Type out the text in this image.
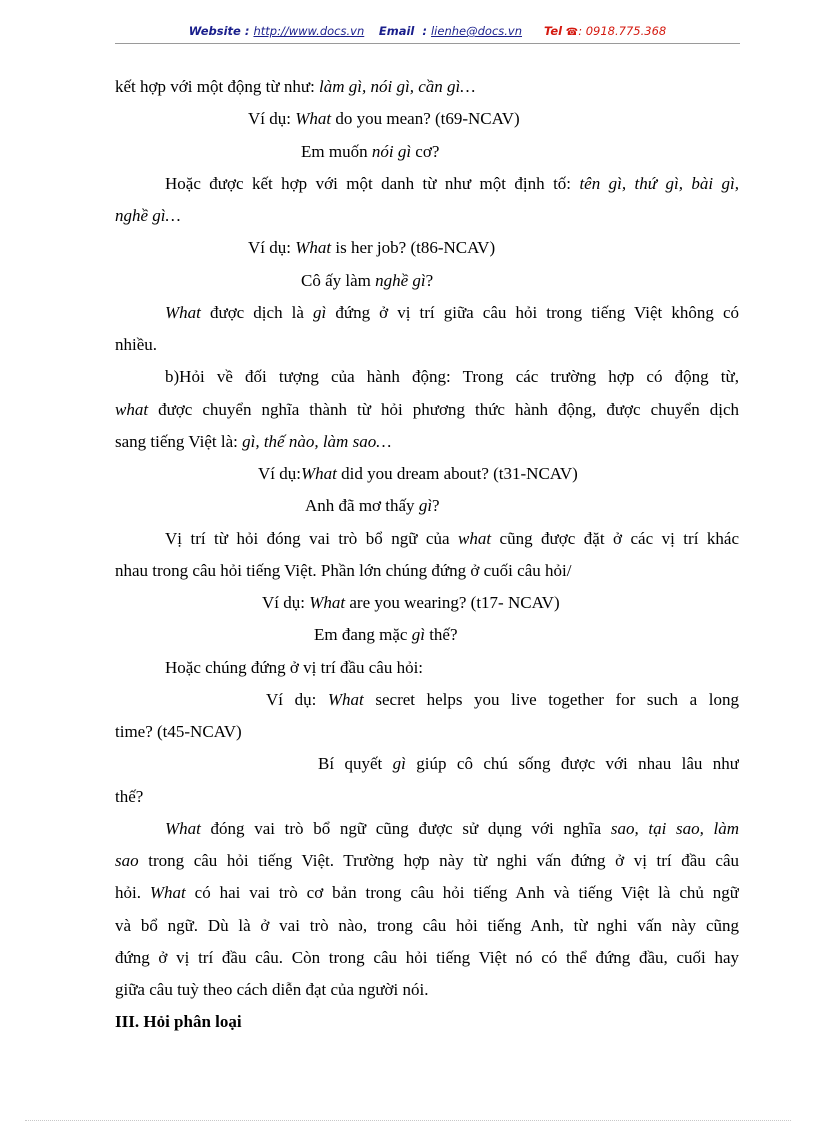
Website : http://www.docs.vn Email  : lienhe@docs.vn Tel ☎: 0918.775.368
kết hợp với một động từ như: làm gì, nói gì, cần gì…
Ví dụ: What do you mean? (t69-NCAV)
Em muốn nói gì cơ?
Hoặc được kết hợp với một danh từ như một định tố: tên gì, thứ gì, bài gì,
nghề gì…
Ví dụ: What is her job? (t86-NCAV)
Cô ấy làm nghề gì?
What được dịch là gì đứng ở vị trí giữa câu hỏi trong tiếng Việt không có
nhiều.
b)Hỏi về đối tượng của hành động: Trong các trường hợp có động từ,
what được chuyển nghĩa thành từ hỏi phương thức hành động, được chuyển dịch
sang tiếng Việt là: gì, thế nào, làm sao…
Ví dụ:What did you dream about? (t31-NCAV)
Anh đã mơ thấy gì?
Vị trí từ hỏi đóng vai trò bổ ngữ của what cũng được đặt ở các vị trí khác
nhau trong câu hỏi tiếng Việt. Phần lớn chúng đứng ở cuối câu hỏi/
Ví dụ: What are you wearing? (t17- NCAV)
Em đang mặc gì thế?
Hoặc chúng đứng ở vị trí đầu câu hỏi:
Ví dụ: What secret helps you live together for such a long
time? (t45-NCAV)
Bí quyết gì giúp cô chú sống được với nhau lâu như
thế?
What đóng vai trò bổ ngữ cũng được sử dụng với nghĩa sao, tại sao, làm
sao trong câu hỏi tiếng Việt. Trường hợp này từ nghi vấn đứng ở vị trí đầu câu
hỏi. What có hai vai trò cơ bản trong câu hỏi tiếng Anh và tiếng Việt là chủ ngữ
và bổ ngữ. Dù là ở vai trò nào, trong câu hỏi tiếng Anh, từ nghi vấn này cũng
đứng ở vị trí đầu câu. Còn trong câu hỏi tiếng Việt nó có thể đứng đầu, cuối hay
giữa câu tuỳ theo cách diễn đạt của người nói.
III. Hỏi phân loại
